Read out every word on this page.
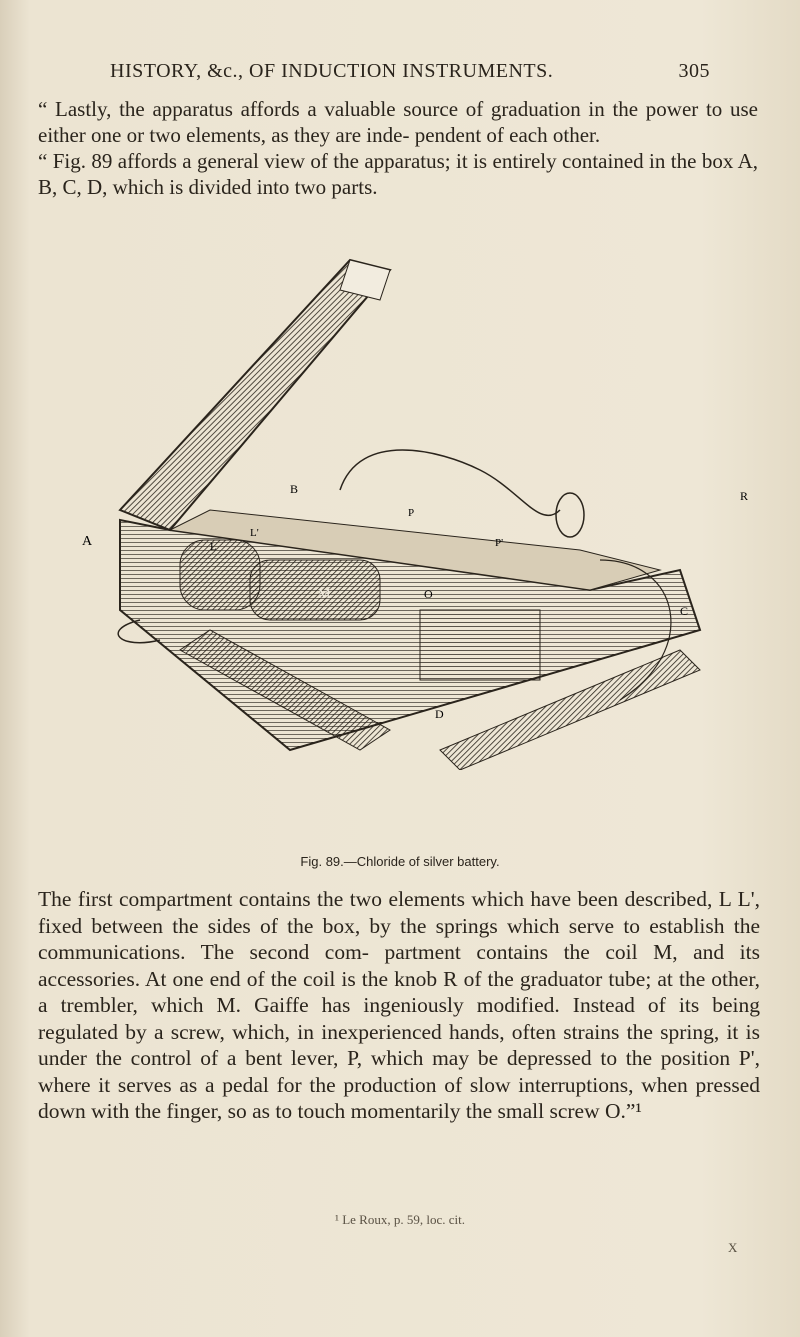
HISTORY, &c., OF INDUCTION INSTRUMENTS.	305
“ Lastly, the apparatus affords a valuable source of graduation in the power to use either one or two elements, as they are inde- pendent of each other.
“ Fig. 89 affords a general view of the apparatus; it is entirely contained in the box A, B, C, D, which is divided into two parts.
A
B
C
D
P
P'
M	O
R
L
L'
Fig. 89.—Chloride of silver battery.
The first compartment contains the two elements which have been described, L L', fixed between the sides of the box, by the springs which serve to establish the communications. The second com- partment contains the coil M, and its accessories. At one end of the coil is the knob R of the graduator tube; at the other, a trembler, which M. Gaiffe has ingeniously modified. Instead of its being regulated by a screw, which, in inexperienced hands, often strains the spring, it is under the control of a bent lever, P, which may be depressed to the position P', where it serves as a pedal for the production of slow interruptions, when pressed down with the finger, so as to touch momentarily the small screw O.”¹
¹ Le Roux, p. 59, loc. cit.
X
